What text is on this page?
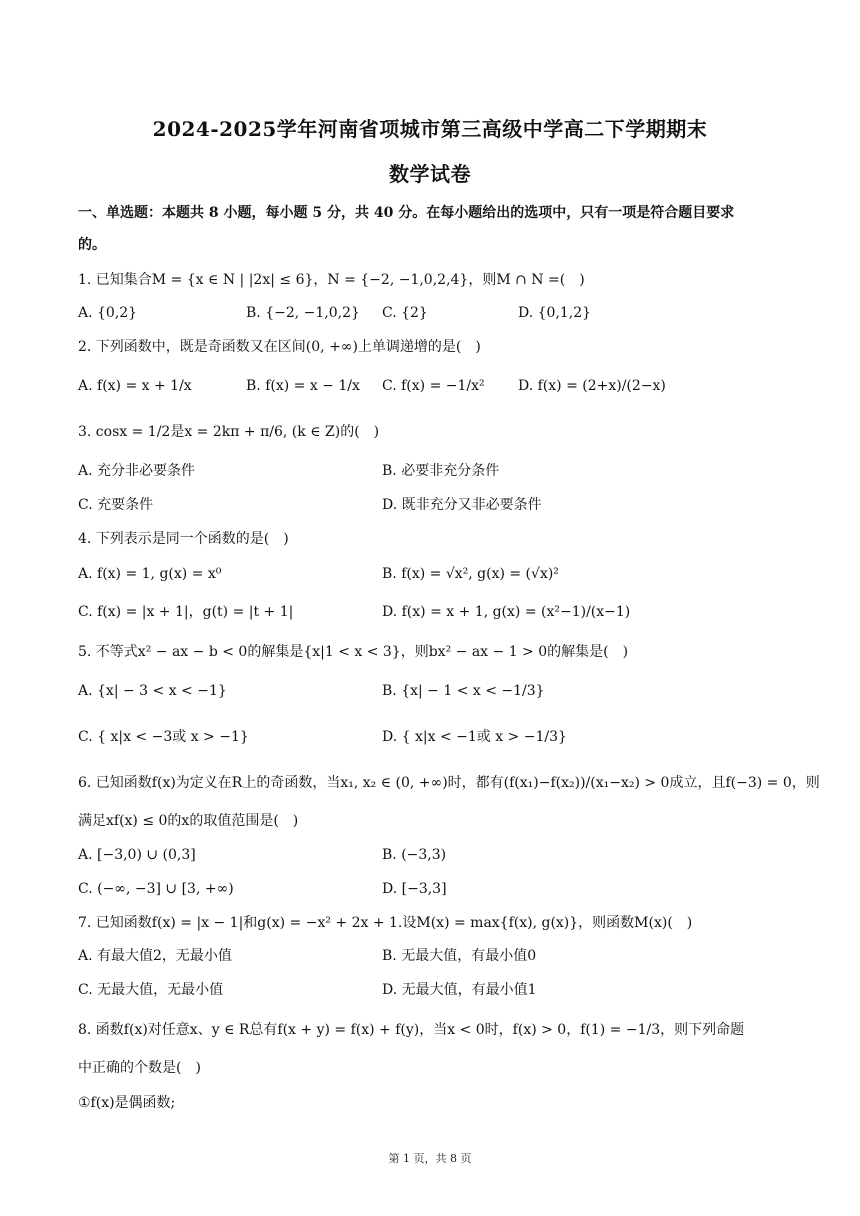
2024-2025学年河南省项城市第三高级中学高二下学期期末
数学试卷
一、单选题：本题共 8 小题，每小题 5 分，共 40 分。在每小题给出的选项中，只有一项是符合题目要求
的。
1. 已知集合M = {x ∈ N | |2x| ≤ 6}，N = {−2, −1,0,2,4}，则M ∩ N =(　)
A. {0,2}	B. {−2, −1,0,2} C. {2}	D. {0,1,2}
2. 下列函数中，既是奇函数又在区间(0, +∞)上单调递增的是(　)
A. f(x) = x + 1/x	B. f(x) = x − 1/x C. f(x) = −1/x² D. f(x) = (2+x)/(2−x)
3. cosx = 1/2是x = 2kπ + π/6, (k ∈ Z)的(　)
A. 充分非必要条件	B. 必要非充分条件
C. 充要条件	D. 既非充分又非必要条件
4. 下列表示是同一个函数的是(　)
A. f(x) = 1, g(x) = x⁰	B. f(x) = √x², g(x) = (√x)²
C. f(x) = |x + 1|，g(t) = |t + 1|	D. f(x) = x + 1, g(x) = (x²−1)/(x−1)
5. 不等式x² − ax − b < 0的解集是{x|1 < x < 3}，则bx² − ax − 1 > 0的解集是(　)
A. {x| − 3 < x < −1}	B. {x| − 1 < x < −1/3}
C. { x|x < −3或 x > −1}	D. { x|x < −1或 x > −1/3}
6. 已知函数f(x)为定义在R上的奇函数，当x₁, x₂ ∈ (0, +∞)时，都有(f(x₁)−f(x₂))/(x₁−x₂) > 0成立，且f(−3) = 0，则
满足xf(x) ≤ 0的x的取值范围是(　)
A. [−3,0) ∪ (0,3]	B. (−3,3)
C. (−∞, −3] ∪ [3, +∞)	D. [−3,3]
7. 已知函数f(x) = |x − 1|和g(x) = −x² + 2x + 1.设M(x) = max{f(x), g(x)}，则函数M(x)(　)
A. 有最大值2，无最小值	B. 无最大值，有最小值0
C. 无最大值，无最小值	D. 无最大值，有最小值1
8. 函数f(x)对任意x、y ∈ R总有f(x + y) = f(x) + f(y)，当x < 0时，f(x) > 0，f(1) = −1/3，则下列命题
中正确的个数是(　)
①f(x)是偶函数;
第 1 页，共 8 页
